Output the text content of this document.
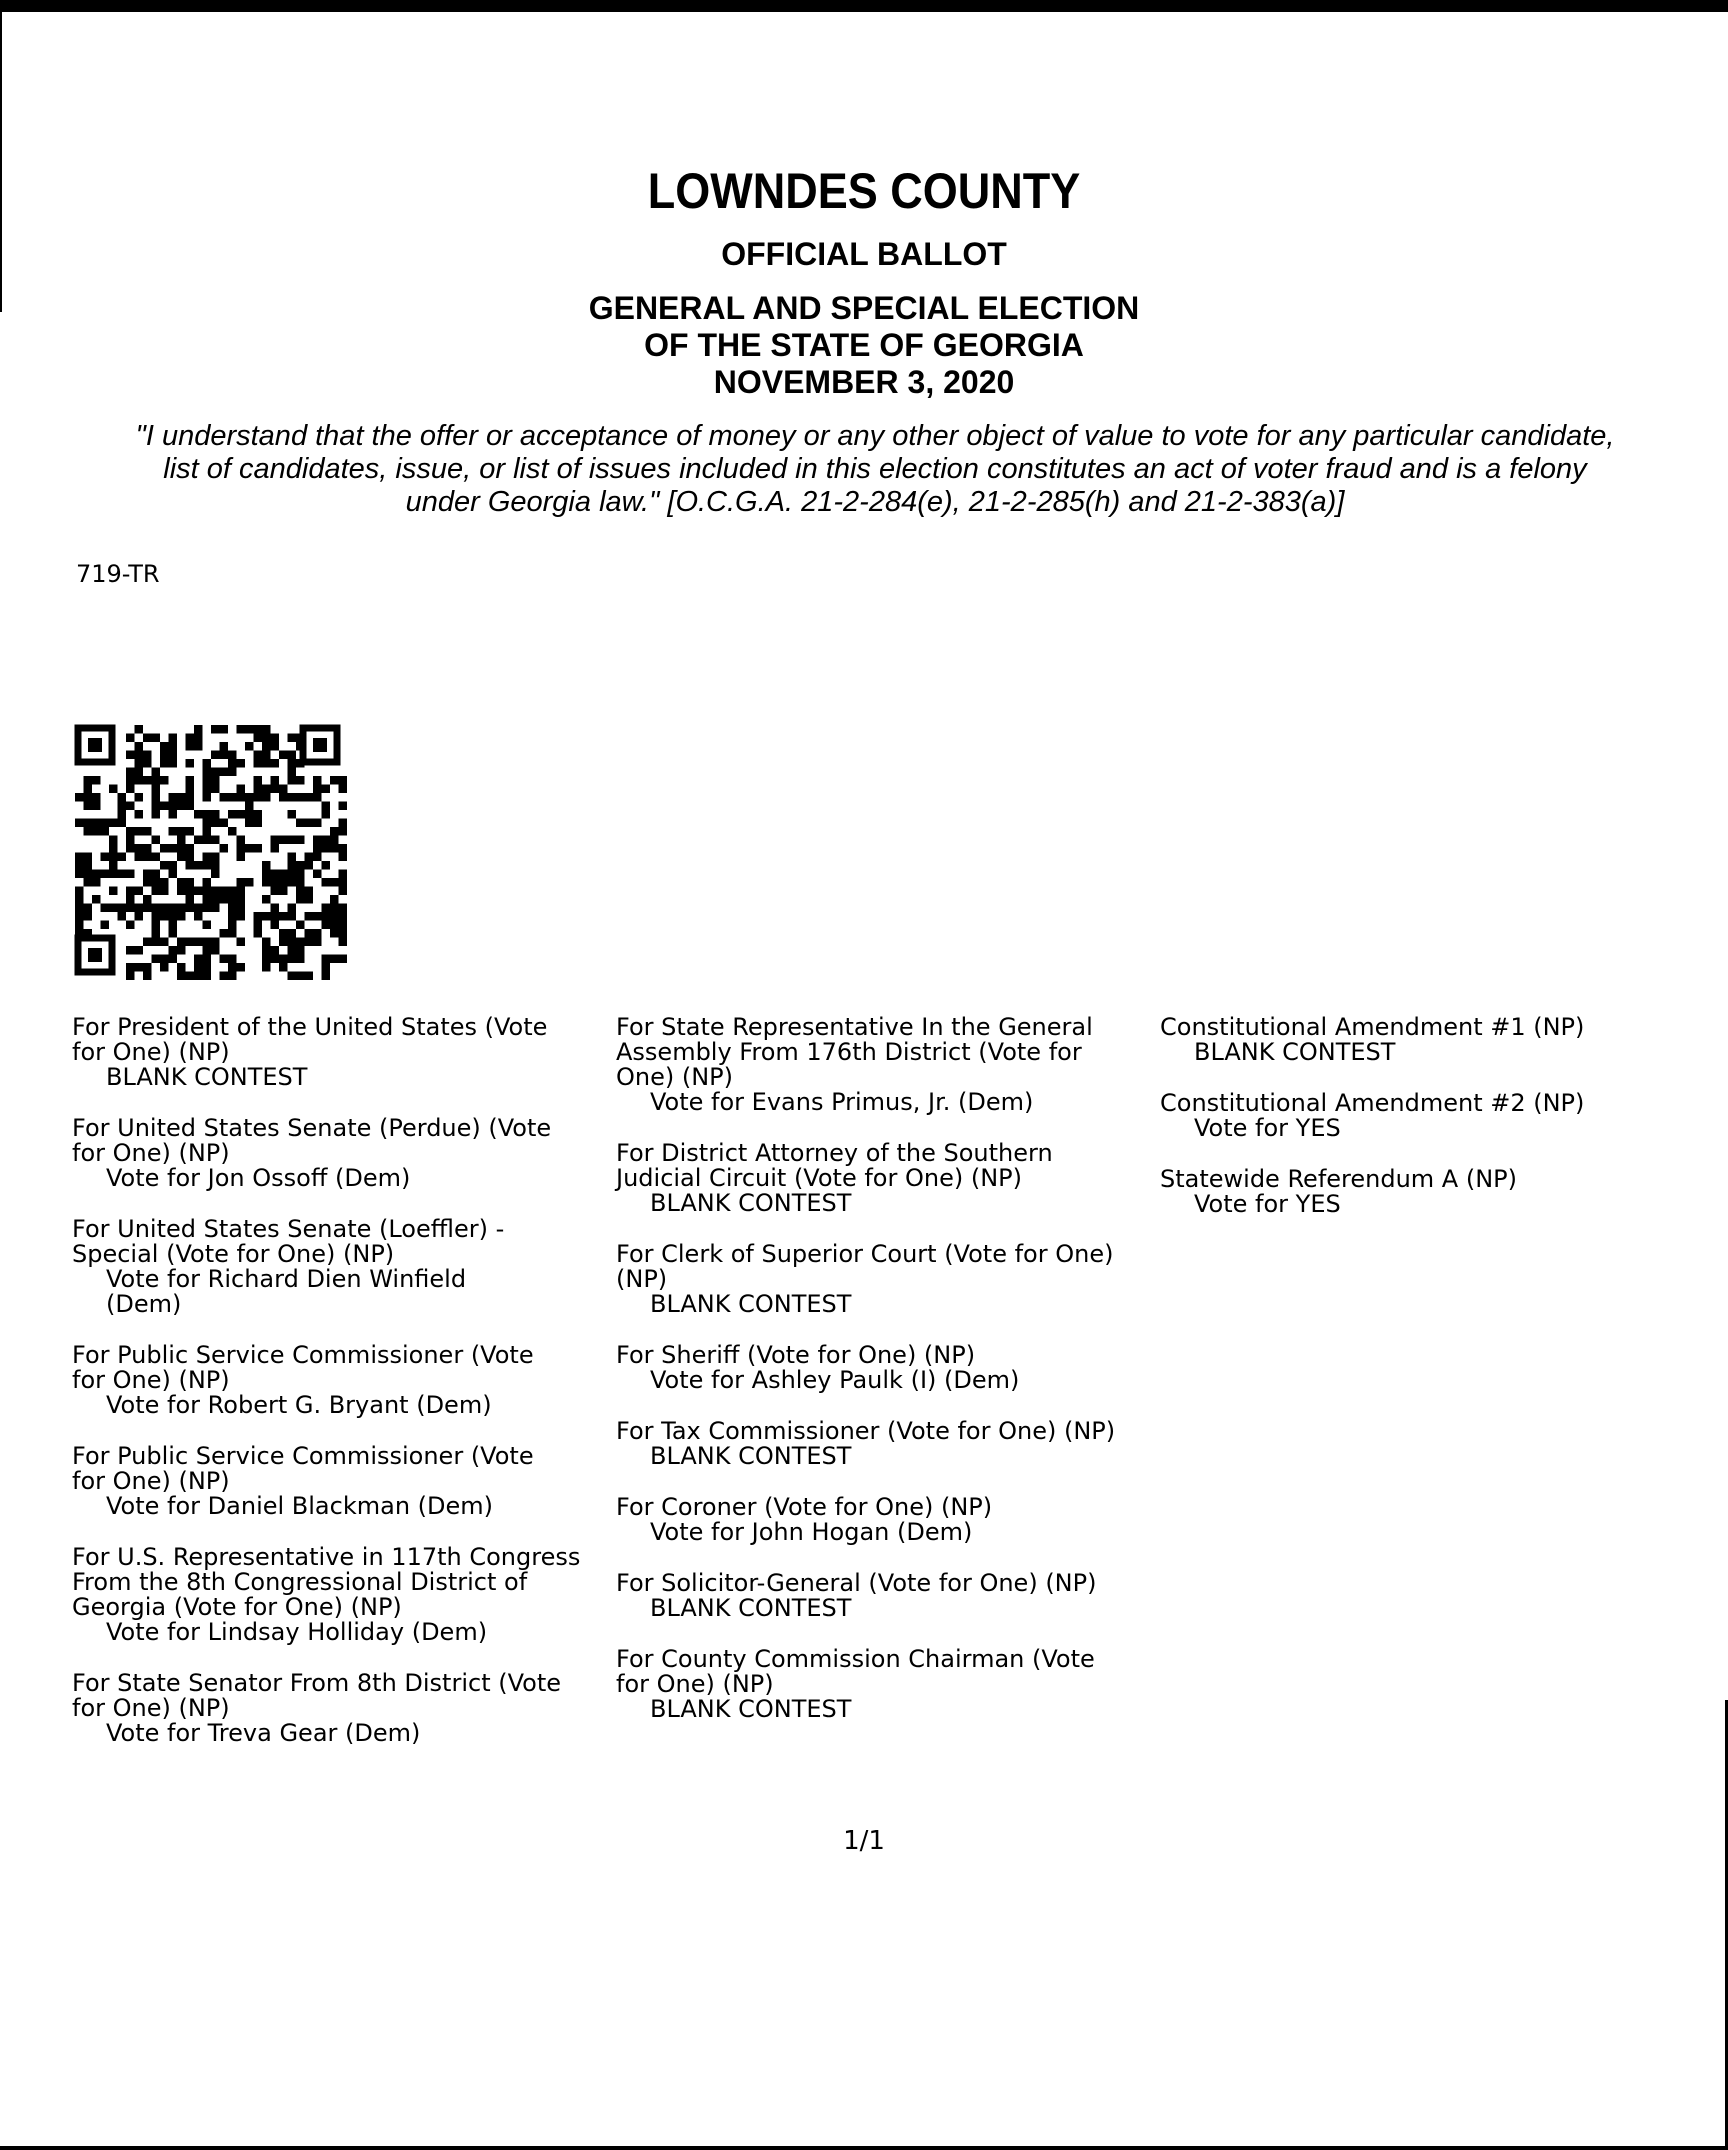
LOWNDES COUNTY
OFFICIAL BALLOT
GENERAL AND SPECIAL ELECTION
OF THE STATE OF GEORGIA
NOVEMBER 3, 2020
"I understand that the offer or acceptance of money or any other object of value to vote for any particular candidate,
list of candidates, issue, or list of issues included in this election constitutes an act of voter fraud and is a felony
under Georgia law." [O.C.G.A. 21-2-284(e), 21-2-285(h) and 21-2-383(a)]
719-TR
For President of the United States (Vote
for One) (NP)
BLANK CONTEST
For United States Senate (Perdue) (Vote
for One) (NP)
Vote for Jon Ossoff (Dem)
For United States Senate (Loeffler) -
Special (Vote for One) (NP)
Vote for Richard Dien Winfield
(Dem)
For Public Service Commissioner (Vote
for One) (NP)
Vote for Robert G. Bryant (Dem)
For Public Service Commissioner (Vote
for One) (NP)
Vote for Daniel Blackman (Dem)
For U.S. Representative in 117th Congress
From the 8th Congressional District of
Georgia (Vote for One) (NP)
Vote for Lindsay Holliday (Dem)
For State Senator From 8th District (Vote
for One) (NP)
Vote for Treva Gear (Dem)
For State Representative In the General
Assembly From 176th District (Vote for
One) (NP)
Vote for Evans Primus, Jr. (Dem)
For District Attorney of the Southern
Judicial Circuit (Vote for One) (NP)
BLANK CONTEST
For Clerk of Superior Court (Vote for One)
(NP)
BLANK CONTEST
For Sheriff (Vote for One) (NP)
Vote for Ashley Paulk (I) (Dem)
For Tax Commissioner (Vote for One) (NP)
BLANK CONTEST
For Coroner (Vote for One) (NP)
Vote for John Hogan (Dem)
For Solicitor-General (Vote for One) (NP)
BLANK CONTEST
For County Commission Chairman (Vote
for One) (NP)
BLANK CONTEST
Constitutional Amendment #1 (NP)
BLANK CONTEST
Constitutional Amendment #2 (NP)
Vote for YES
Statewide Referendum A (NP)
Vote for YES
1/1
